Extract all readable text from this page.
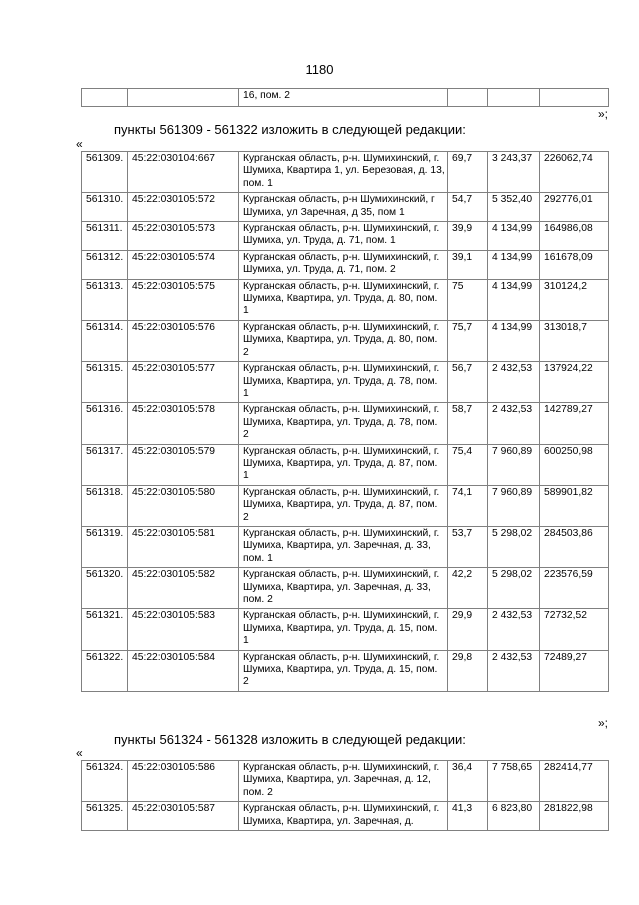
1180
		16, пом. 2			
»;
пункты 561309 - 561322 изложить в следующей редакции:
«
561309.	45:22:030104:667	Курганская область, р-н. Шумихинский, г. Шумиха, Квартира 1, ул. Березовая, д. 13, пом. 1	69,7	3 243,37	226062,74
561310.	45:22:030105:572	Курганская область, р-н Шумихинский, г Шумиха, ул Заречная, д 35, пом 1	54,7	5 352,40	292776,01
561311.	45:22:030105:573	Курганская область, р-н. Шумихинский, г. Шумиха, ул. Труда, д. 71, пом. 1	39,9	4 134,99	164986,08
561312.	45:22:030105:574	Курганская область, р-н. Шумихинский, г. Шумиха, ул. Труда, д. 71, пом. 2	39,1	4 134,99	161678,09
561313.	45:22:030105:575	Курганская область, р-н. Шумихинский, г. Шумиха, Квартира, ул. Труда, д. 80, пом. 1	75	4 134,99	310124,2
561314.	45:22:030105:576	Курганская область, р-н. Шумихинский, г. Шумиха, Квартира, ул. Труда, д. 80, пом. 2	75,7	4 134,99	313018,7
561315.	45:22:030105:577	Курганская область, р-н. Шумихинский, г. Шумиха, Квартира, ул. Труда, д. 78, пом. 1	56,7	2 432,53	137924,22
561316.	45:22:030105:578	Курганская область, р-н. Шумихинский, г. Шумиха, Квартира, ул. Труда, д. 78, пом. 2	58,7	2 432,53	142789,27
561317.	45:22:030105:579	Курганская область, р-н. Шумихинский, г. Шумиха, Квартира, ул. Труда, д. 87, пом. 1	75,4	7 960,89	600250,98
561318.	45:22:030105:580	Курганская область, р-н. Шумихинский, г. Шумиха, Квартира, ул. Труда, д. 87, пом. 2	74,1	7 960,89	589901,82
561319.	45:22:030105:581	Курганская область, р-н. Шумихинский, г. Шумиха, Квартира, ул. Заречная, д. 33, пом. 1	53,7	5 298,02	284503,86
561320.	45:22:030105:582	Курганская область, р-н. Шумихинский, г. Шумиха, Квартира, ул. Заречная, д. 33, пом. 2	42,2	5 298,02	223576,59
561321.	45:22:030105:583	Курганская область, р-н. Шумихинский, г. Шумиха, Квартира, ул. Труда, д. 15, пом. 1	29,9	2 432,53	72732,52
561322.	45:22:030105:584	Курганская область, р-н. Шумихинский, г. Шумиха, Квартира, ул. Труда, д. 15, пом. 2	29,8	2 432,53	72489,27
»;
пункты 561324 - 561328 изложить в следующей редакции:
«
561324.	45:22:030105:586	Курганская область, р-н. Шумихинский, г. Шумиха, Квартира, ул. Заречная, д. 12, пом. 2	36,4	7 758,65	282414,77
561325.	45:22:030105:587	Курганская область, р-н. Шумихинский, г. Шумиха, Квартира, ул. Заречная, д.	41,3	6 823,80	281822,98
